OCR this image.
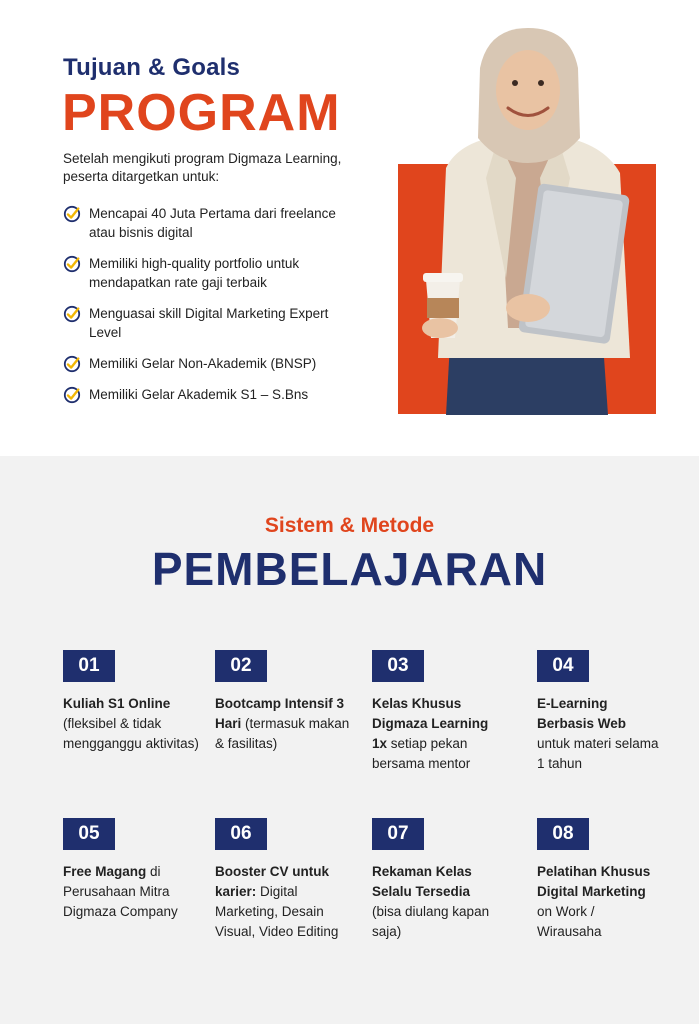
Tujuan & Goals
PROGRAM

Setelah mengikuti program Digmaza Learning, peserta ditargetkan untuk:

Mencapai 40 Juta Pertama dari freelance atau bisnis digital
Memiliki high-quality portfolio untuk mendapatkan rate gaji terbaik
Menguasai skill Digital Marketing Expert Level
Memiliki Gelar Non-Akademik (BNSP)
Memiliki Gelar Akademik S1 – S.Bns
Sistem & Metode
PEMBELAJARAN
01
Kuliah S1 Online (fleksibel & tidak mengganggu aktivitas)
02
Bootcamp Intensif 3 Hari (termasuk makan & fasilitas)
03
Kelas Khusus Digmaza Learning 1x setiap pekan bersama mentor
04
E-Learning Berbasis Web untuk materi selama 1 tahun
05
Free Magang di Perusahaan Mitra Digmaza Company
06
Booster CV untuk karier: Digital Marketing, Desain Visual, Video Editing
07
Rekaman Kelas Selalu Tersedia (bisa diulang kapan saja)
08
Pelatihan Khusus Digital Marketing on Work / Wirausaha
